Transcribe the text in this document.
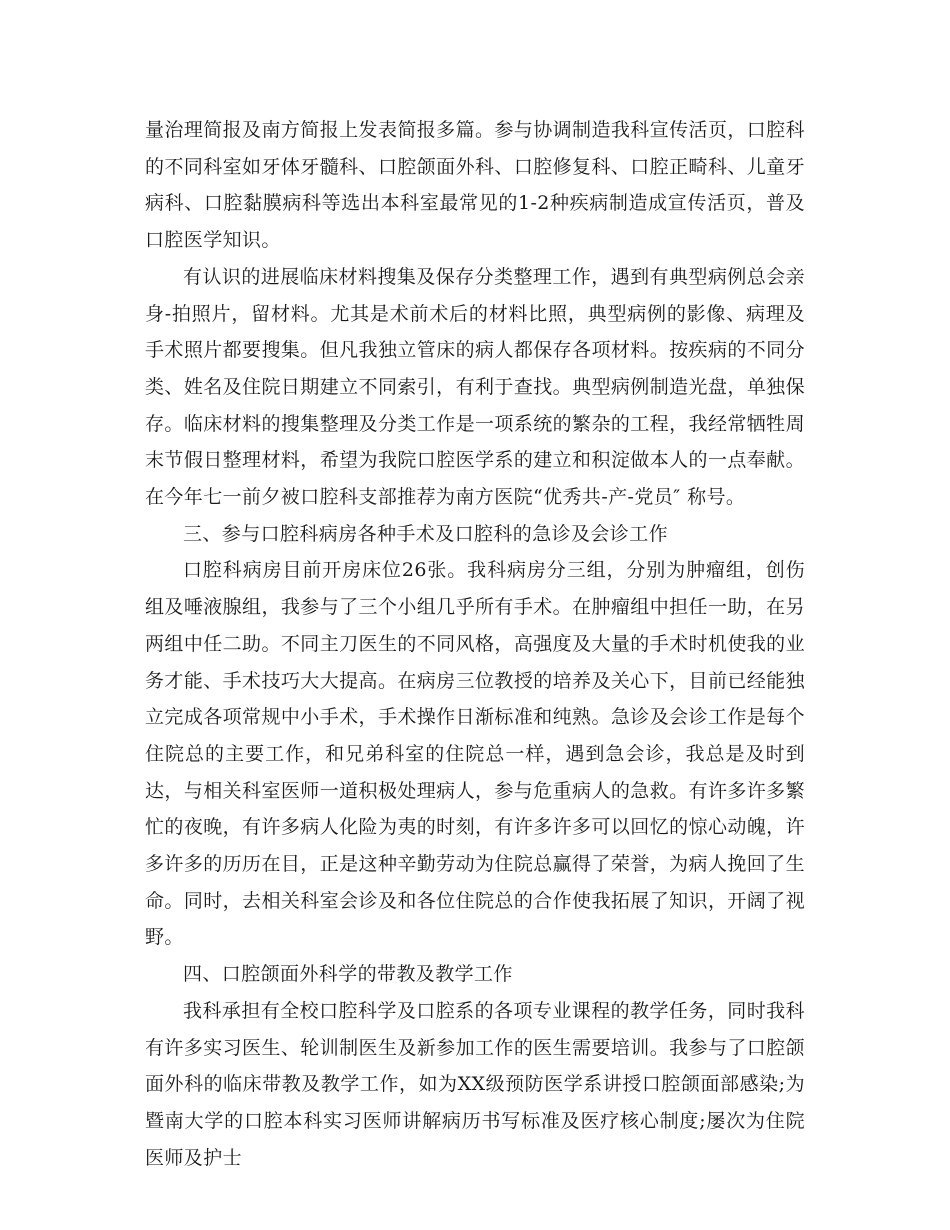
量治理简报及南方简报上发表简报多篇。参与协调制造我科宣传活页，口腔科的不同科室如牙体牙髓科、口腔颌面外科、口腔修复科、口腔正畸科、儿童牙病科、口腔黏膜病科等选出本科室最常见的1-2种疾病制造成宣传活页，普及口腔医学知识。

有认识的进展临床材料搜集及保存分类整理工作，遇到有典型病例总会亲身-拍照片，留材料。尤其是术前术后的材料比照，典型病例的影像、病理及手术照片都要搜集。但凡我独立管床的病人都保存各项材料。按疾病的不同分类、姓名及住院日期建立不同索引，有利于查找。典型病例制造光盘，单独保存。临床材料的搜集整理及分类工作是一项系统的繁杂的工程，我经常牺牲周末节假日整理材料，希望为我院口腔医学系的建立和积淀做本人的一点奉献。在今年七一前夕被口腔科支部推荐为南方医院“优秀共-产-党员″ 称号。

三、参与口腔科病房各种手术及口腔科的急诊及会诊工作

口腔科病房目前开房床位26张。我科病房分三组，分别为肿瘤组，创伤组及唾液腺组，我参与了三个小组几乎所有手术。在肿瘤组中担任一助，在另两组中任二助。不同主刀医生的不同风格，高强度及大量的手术时机使我的业务才能、手术技巧大大提高。在病房三位教授的培养及关心下，目前已经能独立完成各项常规中小手术，手术操作日渐标准和纯熟。急诊及会诊工作是每个住院总的主要工作，和兄弟科室的住院总一样，遇到急会诊，我总是及时到达，与相关科室医师一道积极处理病人，参与危重病人的急救。有许多许多繁忙的夜晚，有许多病人化险为夷的时刻，有许多许多可以回忆的惊心动魄，许多许多的历历在目，正是这种辛勤劳动为住院总赢得了荣誉，为病人挽回了生命。同时，去相关科室会诊及和各位住院总的合作使我拓展了知识，开阔了视野。

四、口腔颌面外科学的带教及教学工作

我科承担有全校口腔科学及口腔系的各项专业课程的教学任务，同时我科有许多实习医生、轮训制医生及新参加工作的医生需要培训。我参与了口腔颌面外科的临床带教及教学工作，如为XX级预防医学系讲授口腔颌面部感染;为暨南大学的口腔本科实习医师讲解病历书写标准及医疗核心制度;屡次为住院医师及护士
